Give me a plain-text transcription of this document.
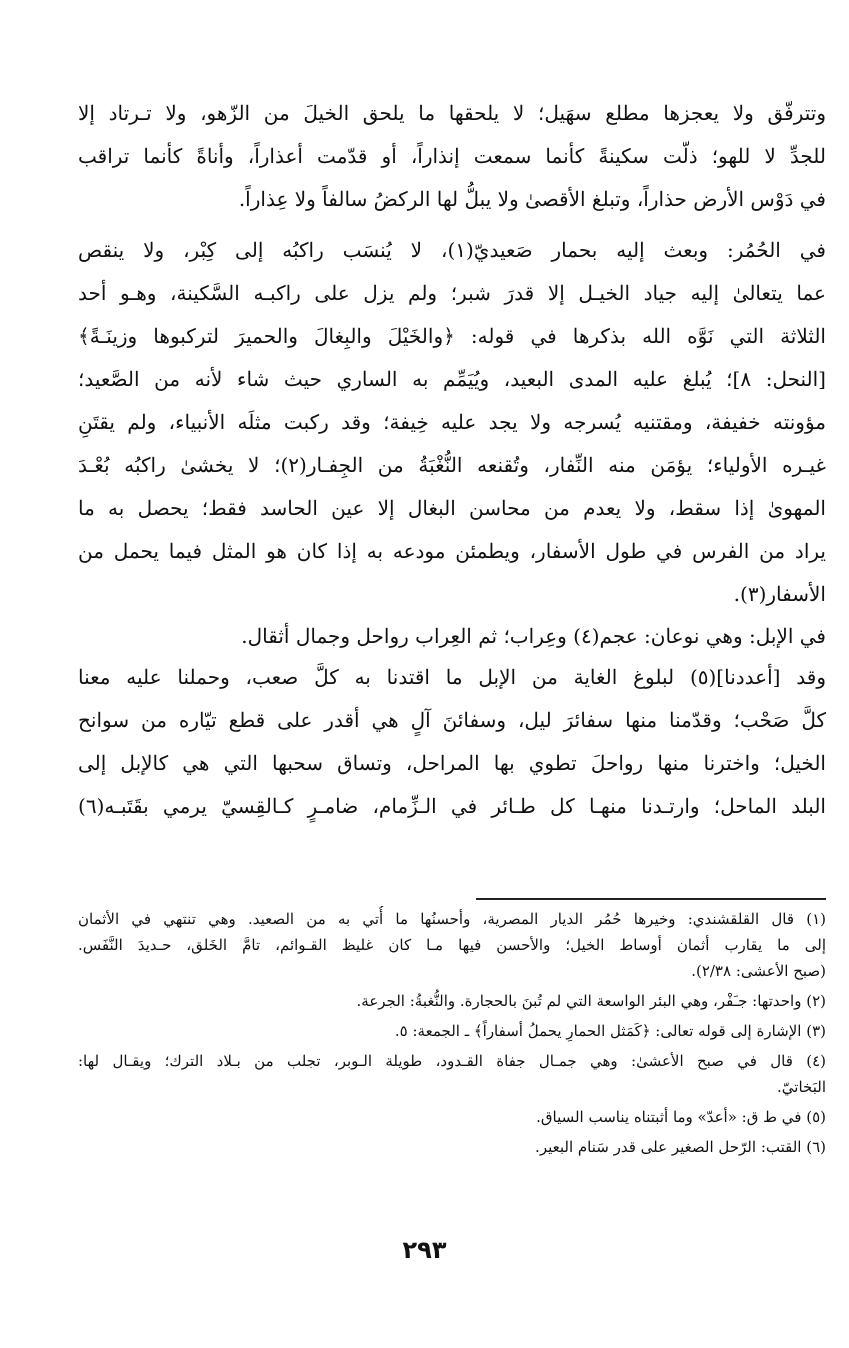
وتترفّق ولا يعجزها مطلع سهَيل؛ لا يلحقها ما يلحق الخيلَ من الزّهو، ولا تـرتاد إلا
للجدِّ لا للهو؛ ذلّت سكينةً كأنما سمعت إنذاراً، أو قدّمت أعذاراً، وأناةً كأنما تراقب
في دَوْس الأرض حذاراً، وتبلغ الأقصىٰ ولا يبلُّ لها الركضُ سالفاً ولا عِذاراً.
في الحُمُر: وبعث إليه بحمار صَعيديّ(١)، لا يُنسَب راكبُه إلى كِبْر، ولا ينقص
عما يتعالىٰ إليه جياد الخيـل إلا قدرَ شبر؛ ولم يزل على راكبـه السَّكينة، وهـو أحد
الثلاثة التي نَوَّه الله بذكرها في قوله: ﴿والخَيْلَ والبِغالَ والحميرَ لتركبوها وزينَـةً﴾
[النحل: ٨]؛ يُبلغ عليه المدى البعيد، ويُيَمِّم به الساري حيث شاء لأنه من الصَّعيد؛
مؤونته خفيفة، ومقتنيه يُسرجه ولا يجد عليه خِيفة؛ وقد ركبت مثلَه الأنبياء، ولم يقتَنِ
غيـره الأولياء؛ يؤمَن منه النِّفار، وتُقنعه النُّغْبَةُ من الجِفـار(٢)؛ لا يخشىٰ راكبُه بُعْـدَ
المهوىٰ إذا سقط، ولا يعدم من محاسن البغال إلا عين الحاسد فقط؛ يحصل به ما
يراد من الفرس في طول الأسفار، ويطمئن مودعه به إذا كان هو المثل فيما يحمل من
الأسفار(٣).
في الإبل: وهي نوعان: عجم(٤) وعِراب؛ ثم العِراب رواحل وجمال أثقال.
وقد [أعددنا](٥) لبلوغ الغاية من الإبل ما اقتدنا به كلَّ صعب، وحملنا عليه معنا
كلَّ صَحْب؛ وقدّمنا منها سفائرَ ليل، وسفائنَ آلٍ هي أقدر على قطع تيّاره من سوانح
الخيل؛ واخترنا منها رواحلَ تطوي بها المراحل، وتساق سحبها التي هي كالإبل إلى
البلد الماحل؛ وارتـدنا منهـا كل طـائر في الـزِّمام، ضامـرٍ كـالقِسيّ يرمي بقَتَبـه(٦)
(١) قال القلقشندي: وخيرها حُمُر الديار المصرية، وأحسنُها ما أُتي به من الصعيد. وهي تنتهي في الأثمان
إلى ما يقارب أثمان أوساط الخيل؛ والأحسن فيها مـا كان غليظ القـوائم، تامَّ الخَلق، حـديدَ النَّفَس.
(صبح الأعشى: ٢/٣٨).
(٢) واحدتها: جـَفْر، وهي البئر الواسعة التي لم تُبنَ بالحجارة. والنُّغبةُ: الجرعة.
(٣) الإشارة إلى قوله تعالى: ﴿كَمَثل الحمارِ يحملُ أسفاراً﴾ ـ الجمعة: ٥.
(٤) قال في صبح الأعشىٰ: وهي جمـال جفاة القـدود، طويلة الـوبر، تجلب من بـلاد الترك؛ ويقـال لها:
البَخاتيّ.
(٥) في ط ق: «أعدّ» وما أثبتناه يناسب السياق.
(٦) القتب: الرّحل الصغير على قدر سَنام البعير.
٢٩٣
